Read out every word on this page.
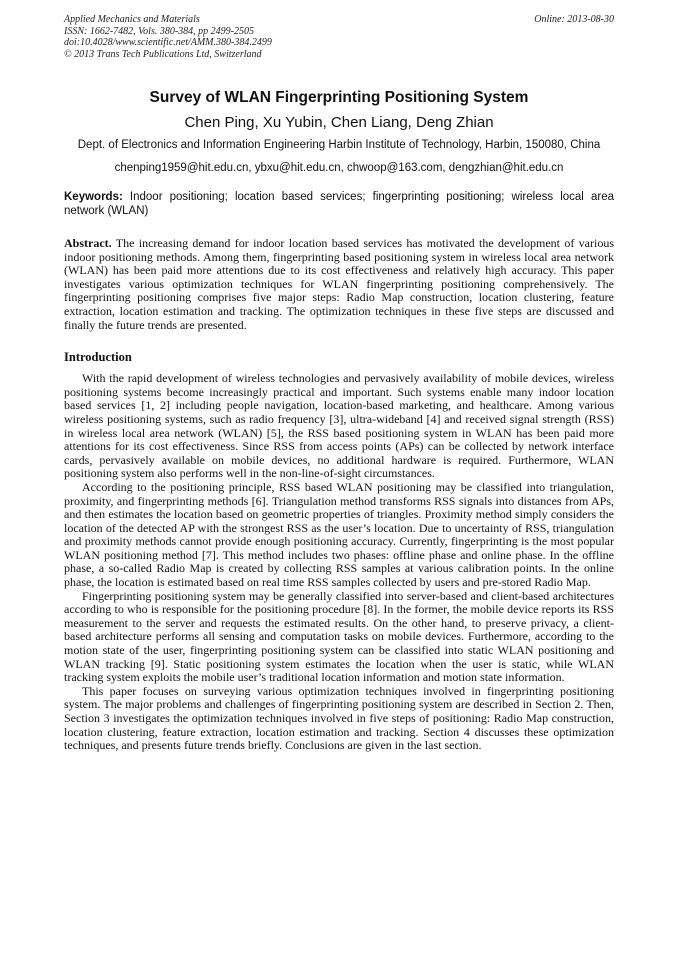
Applied Mechanics and Materials
ISSN: 1662-7482, Vols. 380-384, pp 2499-2505
doi:10.4028/www.scientific.net/AMM.380-384.2499
© 2013 Trans Tech Publications Ltd, Switzerland
Online: 2013-08-30
Survey of WLAN Fingerprinting Positioning System
Chen Ping, Xu Yubin, Chen Liang, Deng Zhian
Dept. of Electronics and Information Engineering Harbin Institute of Technology, Harbin, 150080, China
chenping1959@hit.edu.cn, ybxu@hit.edu.cn, chwoop@163.com, dengzhian@hit.edu.cn
Keywords: Indoor positioning; location based services; fingerprinting positioning; wireless local area network (WLAN)
Abstract. The increasing demand for indoor location based services has motivated the development of various indoor positioning methods. Among them, fingerprinting based positioning system in wireless local area network (WLAN) has been paid more attentions due to its cost effectiveness and relatively high accuracy. This paper investigates various optimization techniques for WLAN fingerprinting positioning comprehensively. The fingerprinting positioning comprises five major steps: Radio Map construction, location clustering, feature extraction, location estimation and tracking. The optimization techniques in these five steps are discussed and finally the future trends are presented.
Introduction

With the rapid development of wireless technologies and pervasively availability of mobile devices, wireless positioning systems become increasingly practical and important. Such systems enable many indoor location based services [1, 2] including people navigation, location-based marketing, and healthcare. Among various wireless positioning systems, such as radio frequency [3], ultra-wideband [4] and received signal strength (RSS) in wireless local area network (WLAN) [5], the RSS based positioning system in WLAN has been paid more attentions for its cost effectiveness. Since RSS from access points (APs) can be collected by network interface cards, pervasively available on mobile devices, no additional hardware is required. Furthermore, WLAN positioning system also performs well in the non-line-of-sight circumstances.

According to the positioning principle, RSS based WLAN positioning may be classified into triangulation, proximity, and fingerprinting methods [6]. Triangulation method transforms RSS signals into distances from APs, and then estimates the location based on geometric properties of triangles. Proximity method simply considers the location of the detected AP with the strongest RSS as the user’s location. Due to uncertainty of RSS, triangulation and proximity methods cannot provide enough positioning accuracy. Currently, fingerprinting is the most popular WLAN positioning method [7]. This method includes two phases: offline phase and online phase. In the offline phase, a so-called Radio Map is created by collecting RSS samples at various calibration points. In the online phase, the location is estimated based on real time RSS samples collected by users and pre-stored Radio Map.

Fingerprinting positioning system may be generally classified into server-based and client-based architectures according to who is responsible for the positioning procedure [8]. In the former, the mobile device reports its RSS measurement to the server and requests the estimated results. On the other hand, to preserve privacy, a client-based architecture performs all sensing and computation tasks on mobile devices. Furthermore, according to the motion state of the user, fingerprinting positioning system can be classified into static WLAN positioning and WLAN tracking [9]. Static positioning system estimates the location when the user is static, while WLAN tracking system exploits the mobile user’s traditional location information and motion state information.

This paper focuses on surveying various optimization techniques involved in fingerprinting positioning system. The major problems and challenges of fingerprinting positioning system are described in Section 2. Then, Section 3 investigates the optimization techniques involved in five steps of positioning: Radio Map construction, location clustering, feature extraction, location estimation and tracking. Section 4 discusses these optimization techniques, and presents future trends briefly. Conclusions are given in the last section.
